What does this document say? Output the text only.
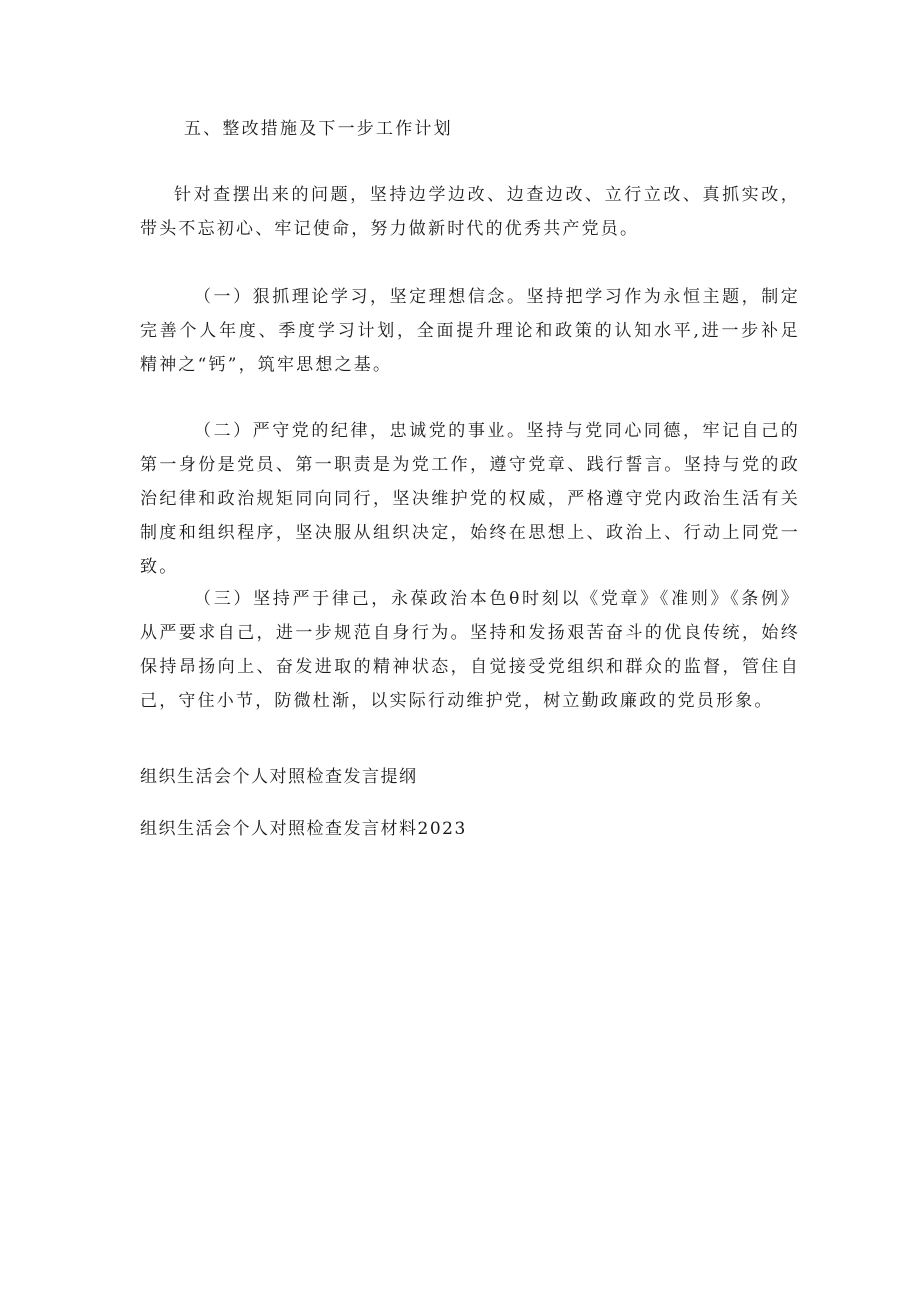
五、整改措施及下一步工作计划

针对查摆出来的问题，坚持边学边改、边查边改、立行立改、真抓实改，带头不忘初心、牢记使命，努力做新时代的优秀共产党员。

（一）狠抓理论学习，坚定理想信念。坚持把学习作为永恒主题，制定完善个人年度、季度学习计划，全面提升理论和政策的认知水平,进一步补足精神之“钙”，筑牢思想之基。

（二）严守党的纪律，忠诚党的事业。坚持与党同心同德，牢记自己的第一身份是党员、第一职责是为党工作，遵守党章、践行誓言。坚持与党的政治纪律和政治规矩同向同行，坚决维护党的权威，严格遵守党内政治生活有关制度和组织程序，坚决服从组织决定，始终在思想上、政治上、行动上同党一致。

（三）坚持严于律己，永葆政治本色θ时刻以《党章》《准则》《条例》从严要求自己，进一步规范自身行为。坚持和发扬艰苦奋斗的优良传统，始终保持昂扬向上、奋发进取的精神状态，自觉接受党组织和群众的监督，管住自己，守住小节，防微杜渐，以实际行动维护党，树立勤政廉政的党员形象。

组织生活会个人对照检查发言提纲

组织生活会个人对照检查发言材料2023
